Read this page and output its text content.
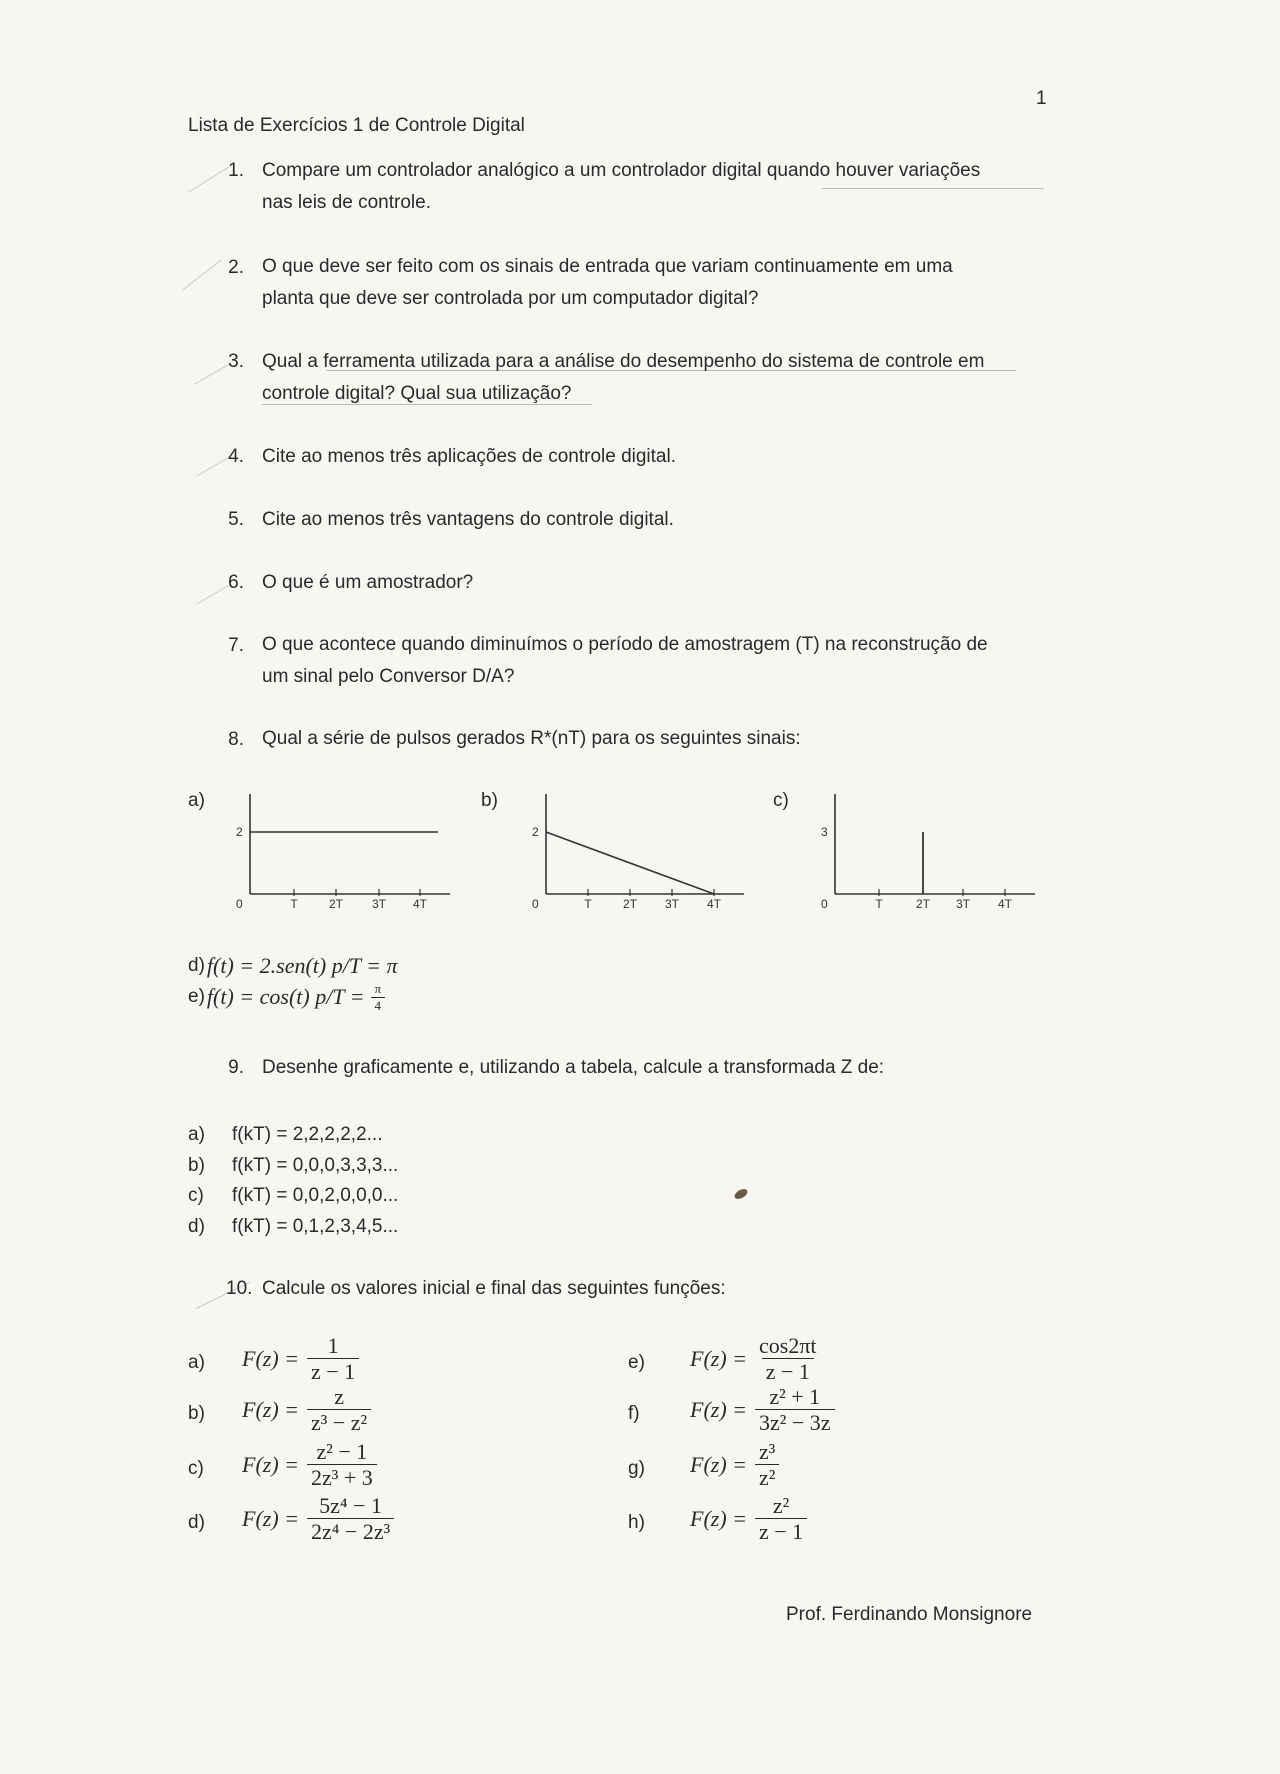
1
Lista de Exercícios 1 de Controle Digital
1. Compare um controlador analógico a um controlador digital quando houver variações
nas leis de controle.
2. O que deve ser feito com os sinais de entrada que variam continuamente em uma
planta que deve ser controlada por um computador digital?
3. Qual a ferramenta utilizada para a análise do desempenho do sistema de controle em
controle digital? Qual sua utilização?
4. Cite ao menos três aplicações de controle digital.
5. Cite ao menos três vantagens do controle digital.
6. O que é um amostrador?
7. O que acontece quando diminuímos o período de amostragem (T) na reconstrução de
um sinal pelo Conversor D/A?
8. Qual a série de pulsos gerados R*(nT) para os seguintes sinais:
a)
2
0	T	2T 3T 4T
b)
2
0	T	2T 3T 4T
c)
3
0	T	2T 3T 4T
d) f(t) = 2.sen(t) p/T = π
e) f(t) = cos(t) $p/T = \frac{\pi}{4}$
9. Desenhe graficamente e, utilizando a tabela, calcule a transformada Z de:
a)	f(kT) = 2,2,2,2,2...
b)	f(kT) = 0,0,0,3,3,3...
c)	f(kT) = 0,0,2,0,0,0...
d)	f(kT) = 0,1,2,3,4,5...
10. Calcule os valores inicial e final das seguintes funções:
a) $F(z) = \frac{1}{z - 1}$
b) $F(z) = \frac{z}{\text{z³ − z²}}$
c) $F(z) = \frac{\text{z² − 1}}{\text{2z³ + 3}}$
d) $F(z) = \frac{\text{5z⁴ − 1}}{\text{2z⁴ − 2z³}}$
e) $F(z) = \frac{\cos 2\pi t}{z - 1}$
f) $F(z) = \frac{\text{z² + 1}}{\text{3z² − 3z}}$
g) $F(z) = \frac{\text{z³}}{\text{z²}}$
h) $F(z) = \frac{\text{z²}}{z - 1}$
Prof. Ferdinando Monsignore
